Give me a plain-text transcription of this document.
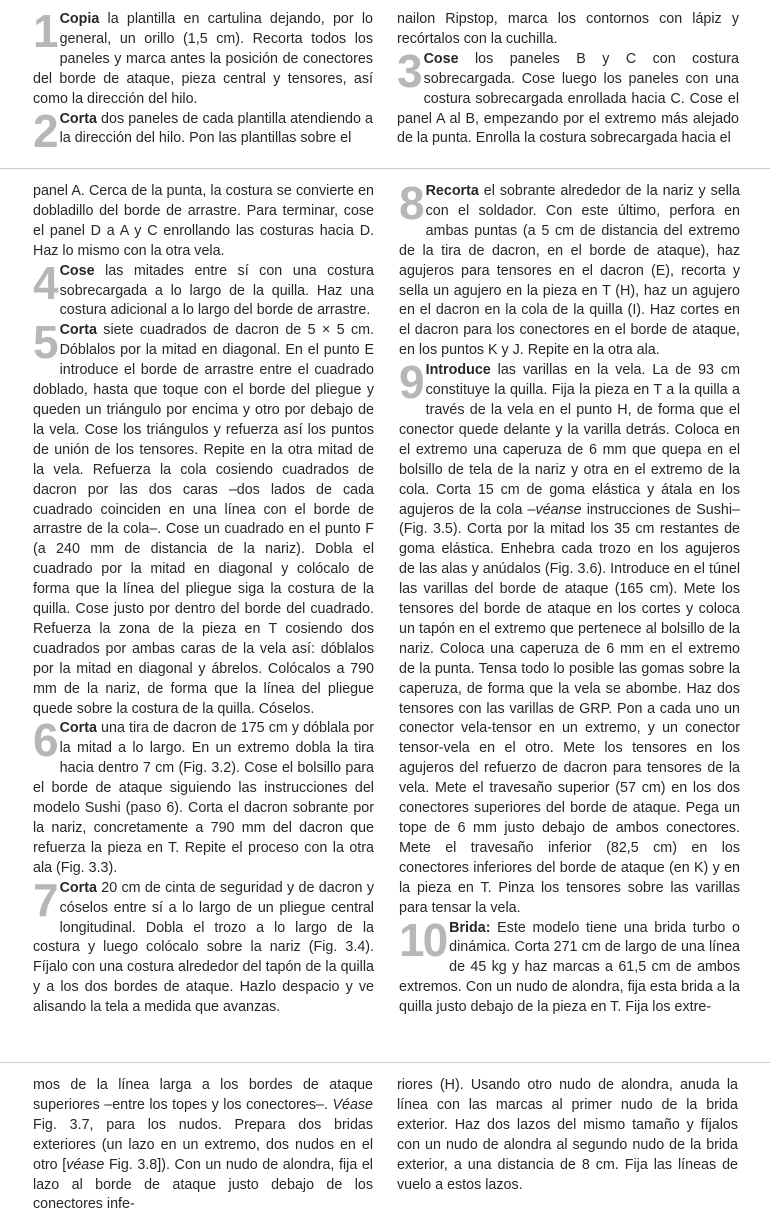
1 Copia la plantilla en cartulina dejando, por lo general, un orillo (1,5 cm). Recorta todos los paneles y marca antes la posición de conectores del borde de ataque, pieza central y tensores, así como la dirección del hilo.

2 Corta dos paneles de cada plantilla atendiendo a la dirección del hilo. Pon las plantillas sobre el

nailon Ripstop, marca los contornos con lápiz y recórtalos con la cuchilla.

3 Cose los paneles B y C con costura sobrecargada. Cose luego los paneles con una costura sobrecargada enrollada hacia C. Cose el panel A al B, empezando por el extremo más alejado de la punta. Enrolla la costura sobrecargada hacia el

panel A. Cerca de la punta, la costura se convierte en dobladillo del borde de arrastre. Para terminar, cose el panel D a A y C enrollando las costuras hacia D. Haz lo mismo con la otra vela.

4 Cose las mitades entre sí con una costura sobrecargada a lo largo de la quilla. Haz una costura adicional a lo largo del borde de arrastre.

5 Corta siete cuadrados de dacron de 5 × 5 cm. Dóblalos por la mitad en diagonal. En el punto E introduce el borde de arrastre entre el cuadrado doblado, hasta que toque con el borde del pliegue y queden un triángulo por encima y otro por debajo de la vela. Cose los triángulos y refuerza así los puntos de unión de los tensores. Repite en la otra mitad de la vela. Refuerza la cola cosiendo cuadrados de dacron por las dos caras –dos lados de cada cuadrado coinciden en una línea con el borde de arrastre de la cola–. Cose un cuadrado en el punto F (a 240 mm de distancia de la nariz). Dobla el cuadrado por la mitad en diagonal y colócalo de forma que la línea del pliegue siga la costura de la quilla. Cose justo por dentro del borde del cuadrado. Refuerza la zona de la pieza en T cosiendo dos cuadrados por ambas caras de la vela así: dóblalos por la mitad en diagonal y ábrelos. Colócalos a 790 mm de la nariz, de forma que la línea del pliegue quede sobre la costura de la quilla. Cóselos.

6 Corta una tira de dacron de 175 cm y dóblala por la mitad a lo largo. En un extremo dobla la tira hacia dentro 7 cm (Fig. 3.2). Cose el bolsillo para el borde de ataque siguiendo las instrucciones del modelo Sushi (paso 6). Corta el dacron sobrante por la nariz, concretamente a 790 mm del dacron que refuerza la pieza en T. Repite el proceso con la otra ala (Fig. 3.3).

7 Corta 20 cm de cinta de seguridad y de dacron y cóselos entre sí a lo largo de un pliegue central longitudinal. Dobla el trozo a lo largo de la costura y luego colócalo sobre la nariz (Fig. 3.4). Fíjalo con una costura alrededor del tapón de la quilla y a los dos bordes de ataque. Hazlo despacio y ve alisando la tela a medida que avanzas.

8 Recorta el sobrante alrededor de la nariz y sella con el soldador. Con este último, perfora en ambas puntas (a 5 cm de distancia del extremo de la tira de dacron, en el borde de ataque), haz agujeros para tensores en el dacron (E), recorta y sella un agujero en la pieza en T (H), haz un agujero en el dacron en la cola de la quilla (I). Haz cortes en el dacron para los conectores en el borde de ataque, en los puntos K y J. Repite en la otra ala.

9 Introduce las varillas en la vela. La de 93 cm constituye la quilla. Fija la pieza en T a la quilla a través de la vela en el punto H, de forma que el conector quede delante y la varilla detrás. Coloca en el extremo una caperuza de 6 mm que quepa en el bolsillo de tela de la nariz y otra en el extremo de la cola. Corta 15 cm de goma elástica y átala en los agujeros de la cola –véanse instrucciones de Sushi– (Fig. 3.5). Corta por la mitad los 35 cm restantes de goma elástica. Enhebra cada trozo en los agujeros de las alas y anúdalos (Fig. 3.6). Introduce en el túnel las varillas del borde de ataque (165 cm). Mete los tensores del borde de ataque en los cortes y coloca un tapón en el extremo que pertenece al bolsillo de la nariz. Coloca una caperuza de 6 mm en el extremo de la punta. Tensa todo lo posible las gomas sobre la caperuza, de forma que la vela se abombe. Haz dos tensores con las varillas de GRP. Pon a cada uno un conector vela-tensor en un extremo, y un conector tensor-vela en el otro. Mete los tensores en los agujeros del refuerzo de dacron para tensores de la vela. Mete el travesaño superior (57 cm) en los dos conectores superiores del borde de ataque. Pega un tope de 6 mm justo debajo de ambos conectores. Mete el travesaño inferior (82,5 cm) en los conectores inferiores del borde de ataque (en K) y en la pieza en T. Pinza los tensores sobre las varillas para tensar la vela.

10 Brida: Este modelo tiene una brida turbo o dinámica. Corta 271 cm de largo de una línea de 45 kg y haz marcas a 61,5 cm de ambos extremos. Con un nudo de alondra, fija esta brida a la quilla justo debajo de la pieza en T. Fija los extre-

mos de la línea larga a los bordes de ataque superiores –entre los topes y los conectores–. Véase Fig. 3.7, para los nudos. Prepara dos bridas exteriores (un lazo en un extremo, dos nudos en el otro [véase Fig. 3.8]). Con un nudo de alondra, fija el lazo al borde de ataque justo debajo de los conectores infe-

riores (H). Usando otro nudo de alondra, anuda la línea con las marcas al primer nudo de la brida exterior. Haz dos lazos del mismo tamaño y fíjalos con un nudo de alondra al segundo nudo de la brida exterior, a una distancia de 8 cm. Fija las líneas de vuelo a estos lazos.
